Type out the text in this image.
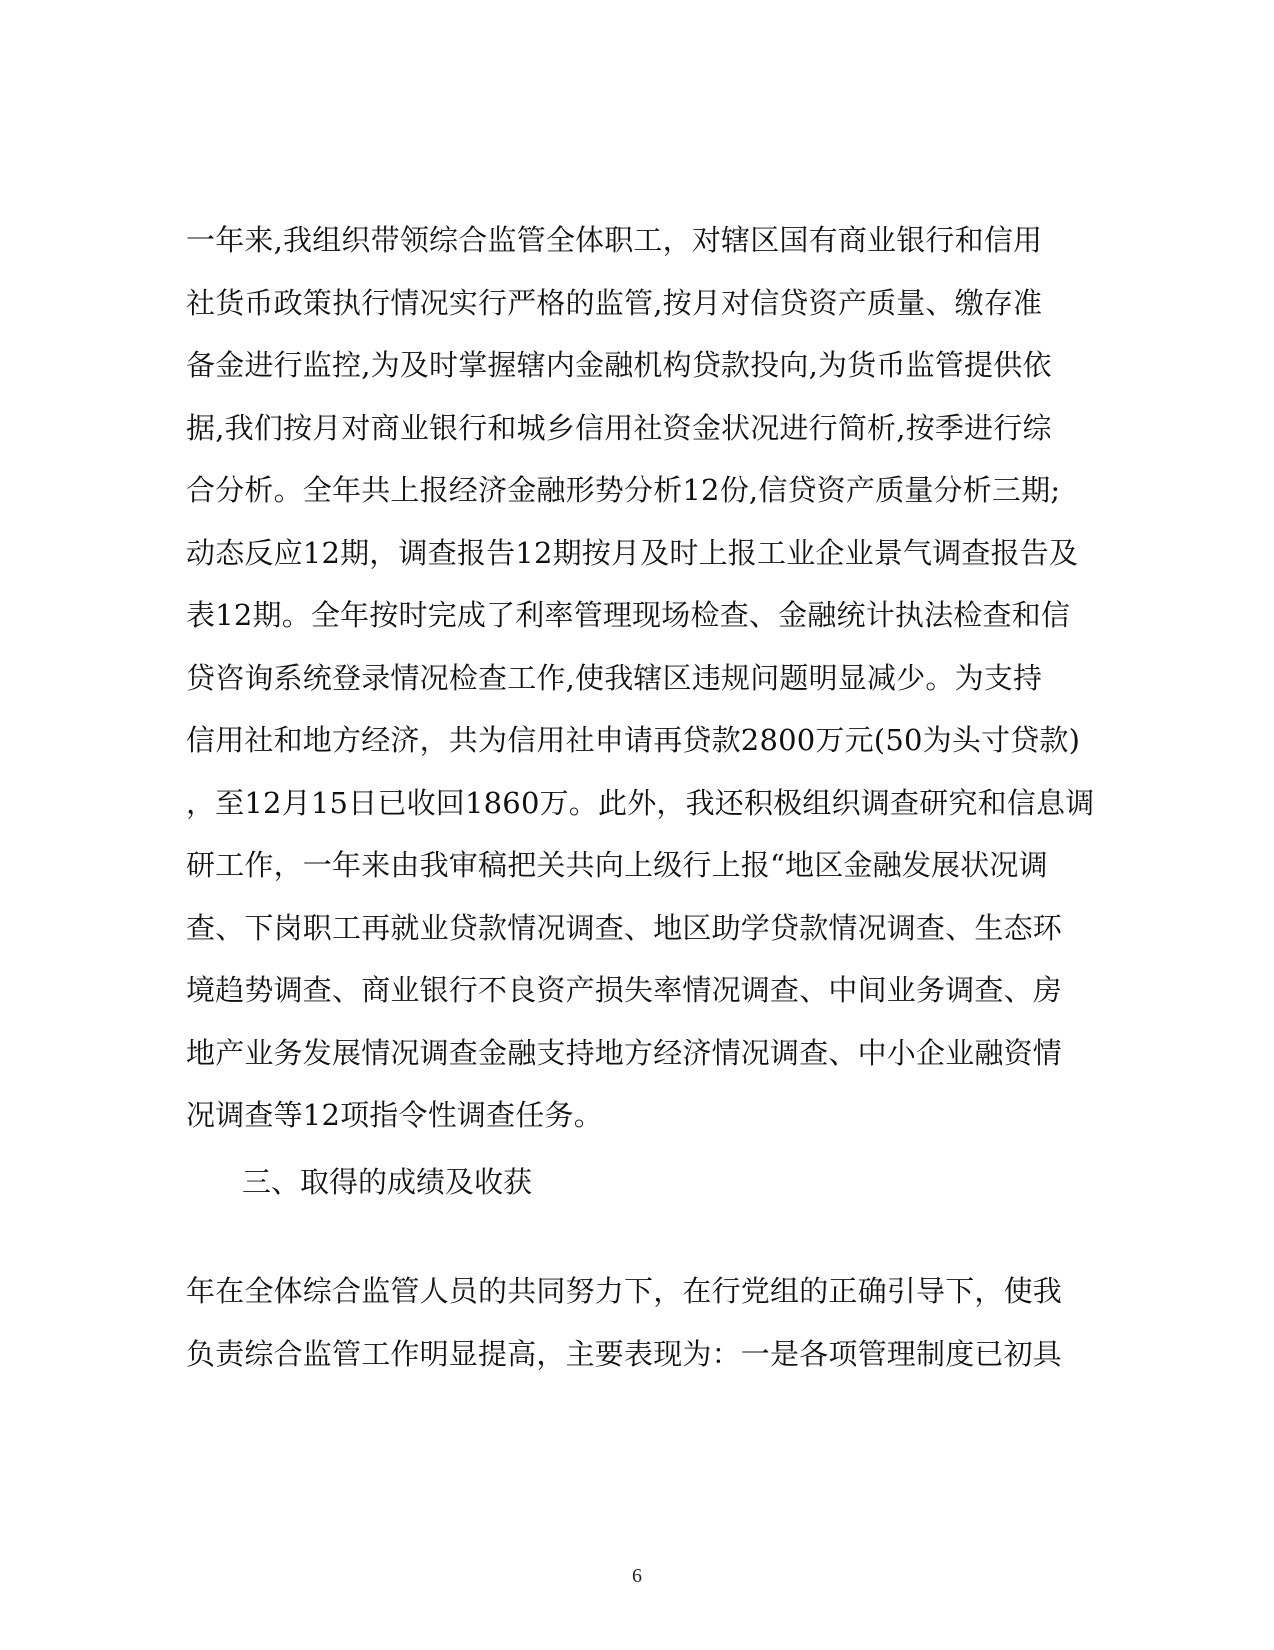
一年来,我组织带领综合监管全体职工，对辖区国有商业银行和信用
社货币政策执行情况实行严格的监管,按月对信贷资产质量、缴存准
备金进行监控,为及时掌握辖内金融机构贷款投向,为货币监管提供依
据,我们按月对商业银行和城乡信用社资金状况进行简析,按季进行综
合分析。全年共上报经济金融形势分析12份,信贷资产质量分析三期;
动态反应12期，调查报告12期按月及时上报工业企业景气调查报告及
表12期。全年按时完成了利率管理现场检查、金融统计执法检查和信
贷咨询系统登录情况检查工作,使我辖区违规问题明显减少。为支持
信用社和地方经济，共为信用社申请再贷款2800万元(50为头寸贷款)
，至12月15日已收回1860万。此外，我还积极组织调查研究和信息调
研工作，一年来由我审稿把关共向上级行上报“地区金融发展状况调
查、下岗职工再就业贷款情况调查、地区助学贷款情况调查、生态环
境趋势调查、商业银行不良资产损失率情况调查、中间业务调查、房
地产业务发展情况调查金融支持地方经济情况调查、中小企业融资情
况调查等12项指令性调查任务。
三、取得的成绩及收获
年在全体综合监管人员的共同努力下，在行党组的正确引导下，使我
负责综合监管工作明显提高，主要表现为：一是各项管理制度已初具
6
